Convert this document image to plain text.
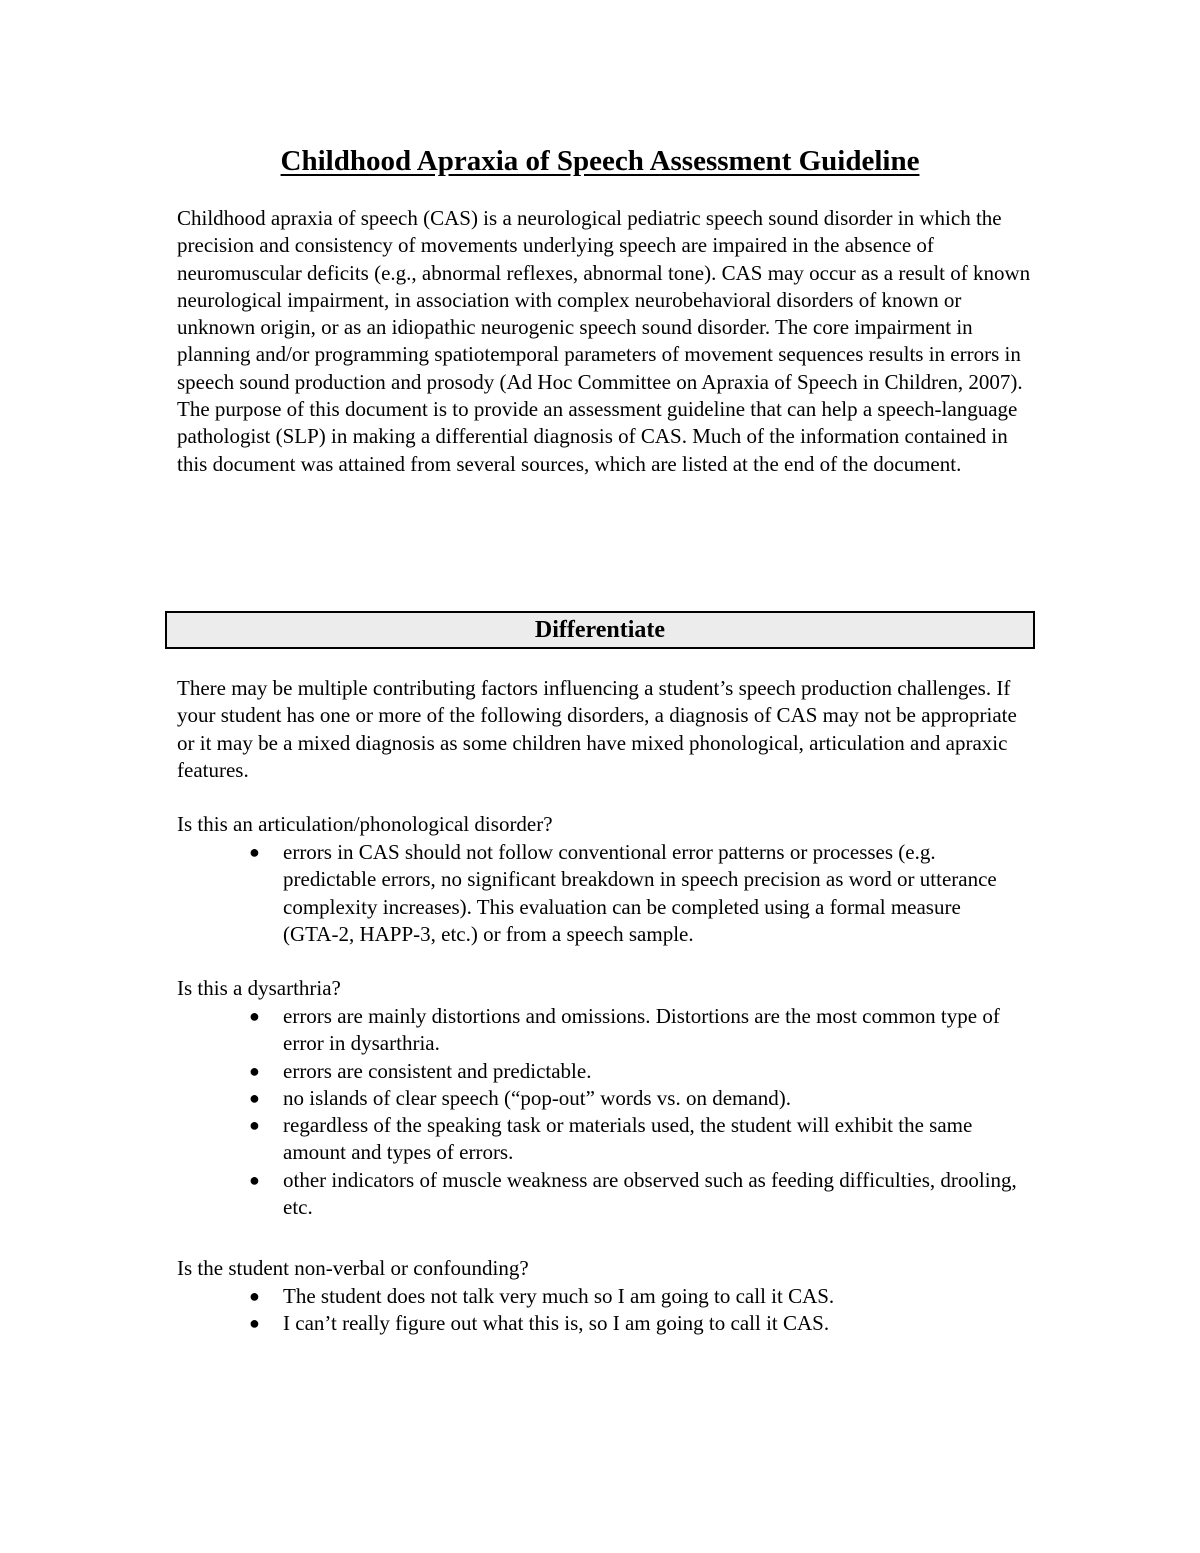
Childhood Apraxia of Speech Assessment Guideline

Childhood apraxia of speech (CAS) is a neurological pediatric speech sound disorder in which the precision and consistency of movements underlying speech are impaired in the absence of neuromuscular deficits (e.g., abnormal reflexes, abnormal tone). CAS may occur as a result of known neurological impairment, in association with complex neurobehavioral disorders of known or unknown origin, or as an idiopathic neurogenic speech sound disorder. The core impairment in planning and/or programming spatiotemporal parameters of movement sequences results in errors in speech sound production and prosody (Ad Hoc Committee on Apraxia of Speech in Children, 2007). The purpose of this document is to provide an assessment guideline that can help a speech-language pathologist (SLP) in making a differential diagnosis of CAS. Much of the information contained in this document was attained from several sources, which are listed at the end of the document.

Differentiate

There may be multiple contributing factors influencing a student’s speech production challenges. If your student has one or more of the following disorders, a diagnosis of CAS may not be appropriate or it may be a mixed diagnosis as some children have mixed phonological, articulation and apraxic features.

Is this an articulation/phonological disorder?

● errors in CAS should not follow conventional error patterns or processes (e.g. predictable errors, no significant breakdown in speech precision as word or utterance complexity increases). This evaluation can be completed using a formal measure (GTA-2, HAPP-3, etc.) or from a speech sample.

Is this a dysarthria?

● errors are mainly distortions and omissions. Distortions are the most common type of error in dysarthria.
● errors are consistent and predictable.
● no islands of clear speech (“pop-out” words vs. on demand).
● regardless of the speaking task or materials used, the student will exhibit the same amount and types of errors.
● other indicators of muscle weakness are observed such as feeding difficulties, drooling, etc.

Is the student non-verbal or confounding?

● The student does not talk very much so I am going to call it CAS.
● I can’t really figure out what this is, so I am going to call it CAS.
